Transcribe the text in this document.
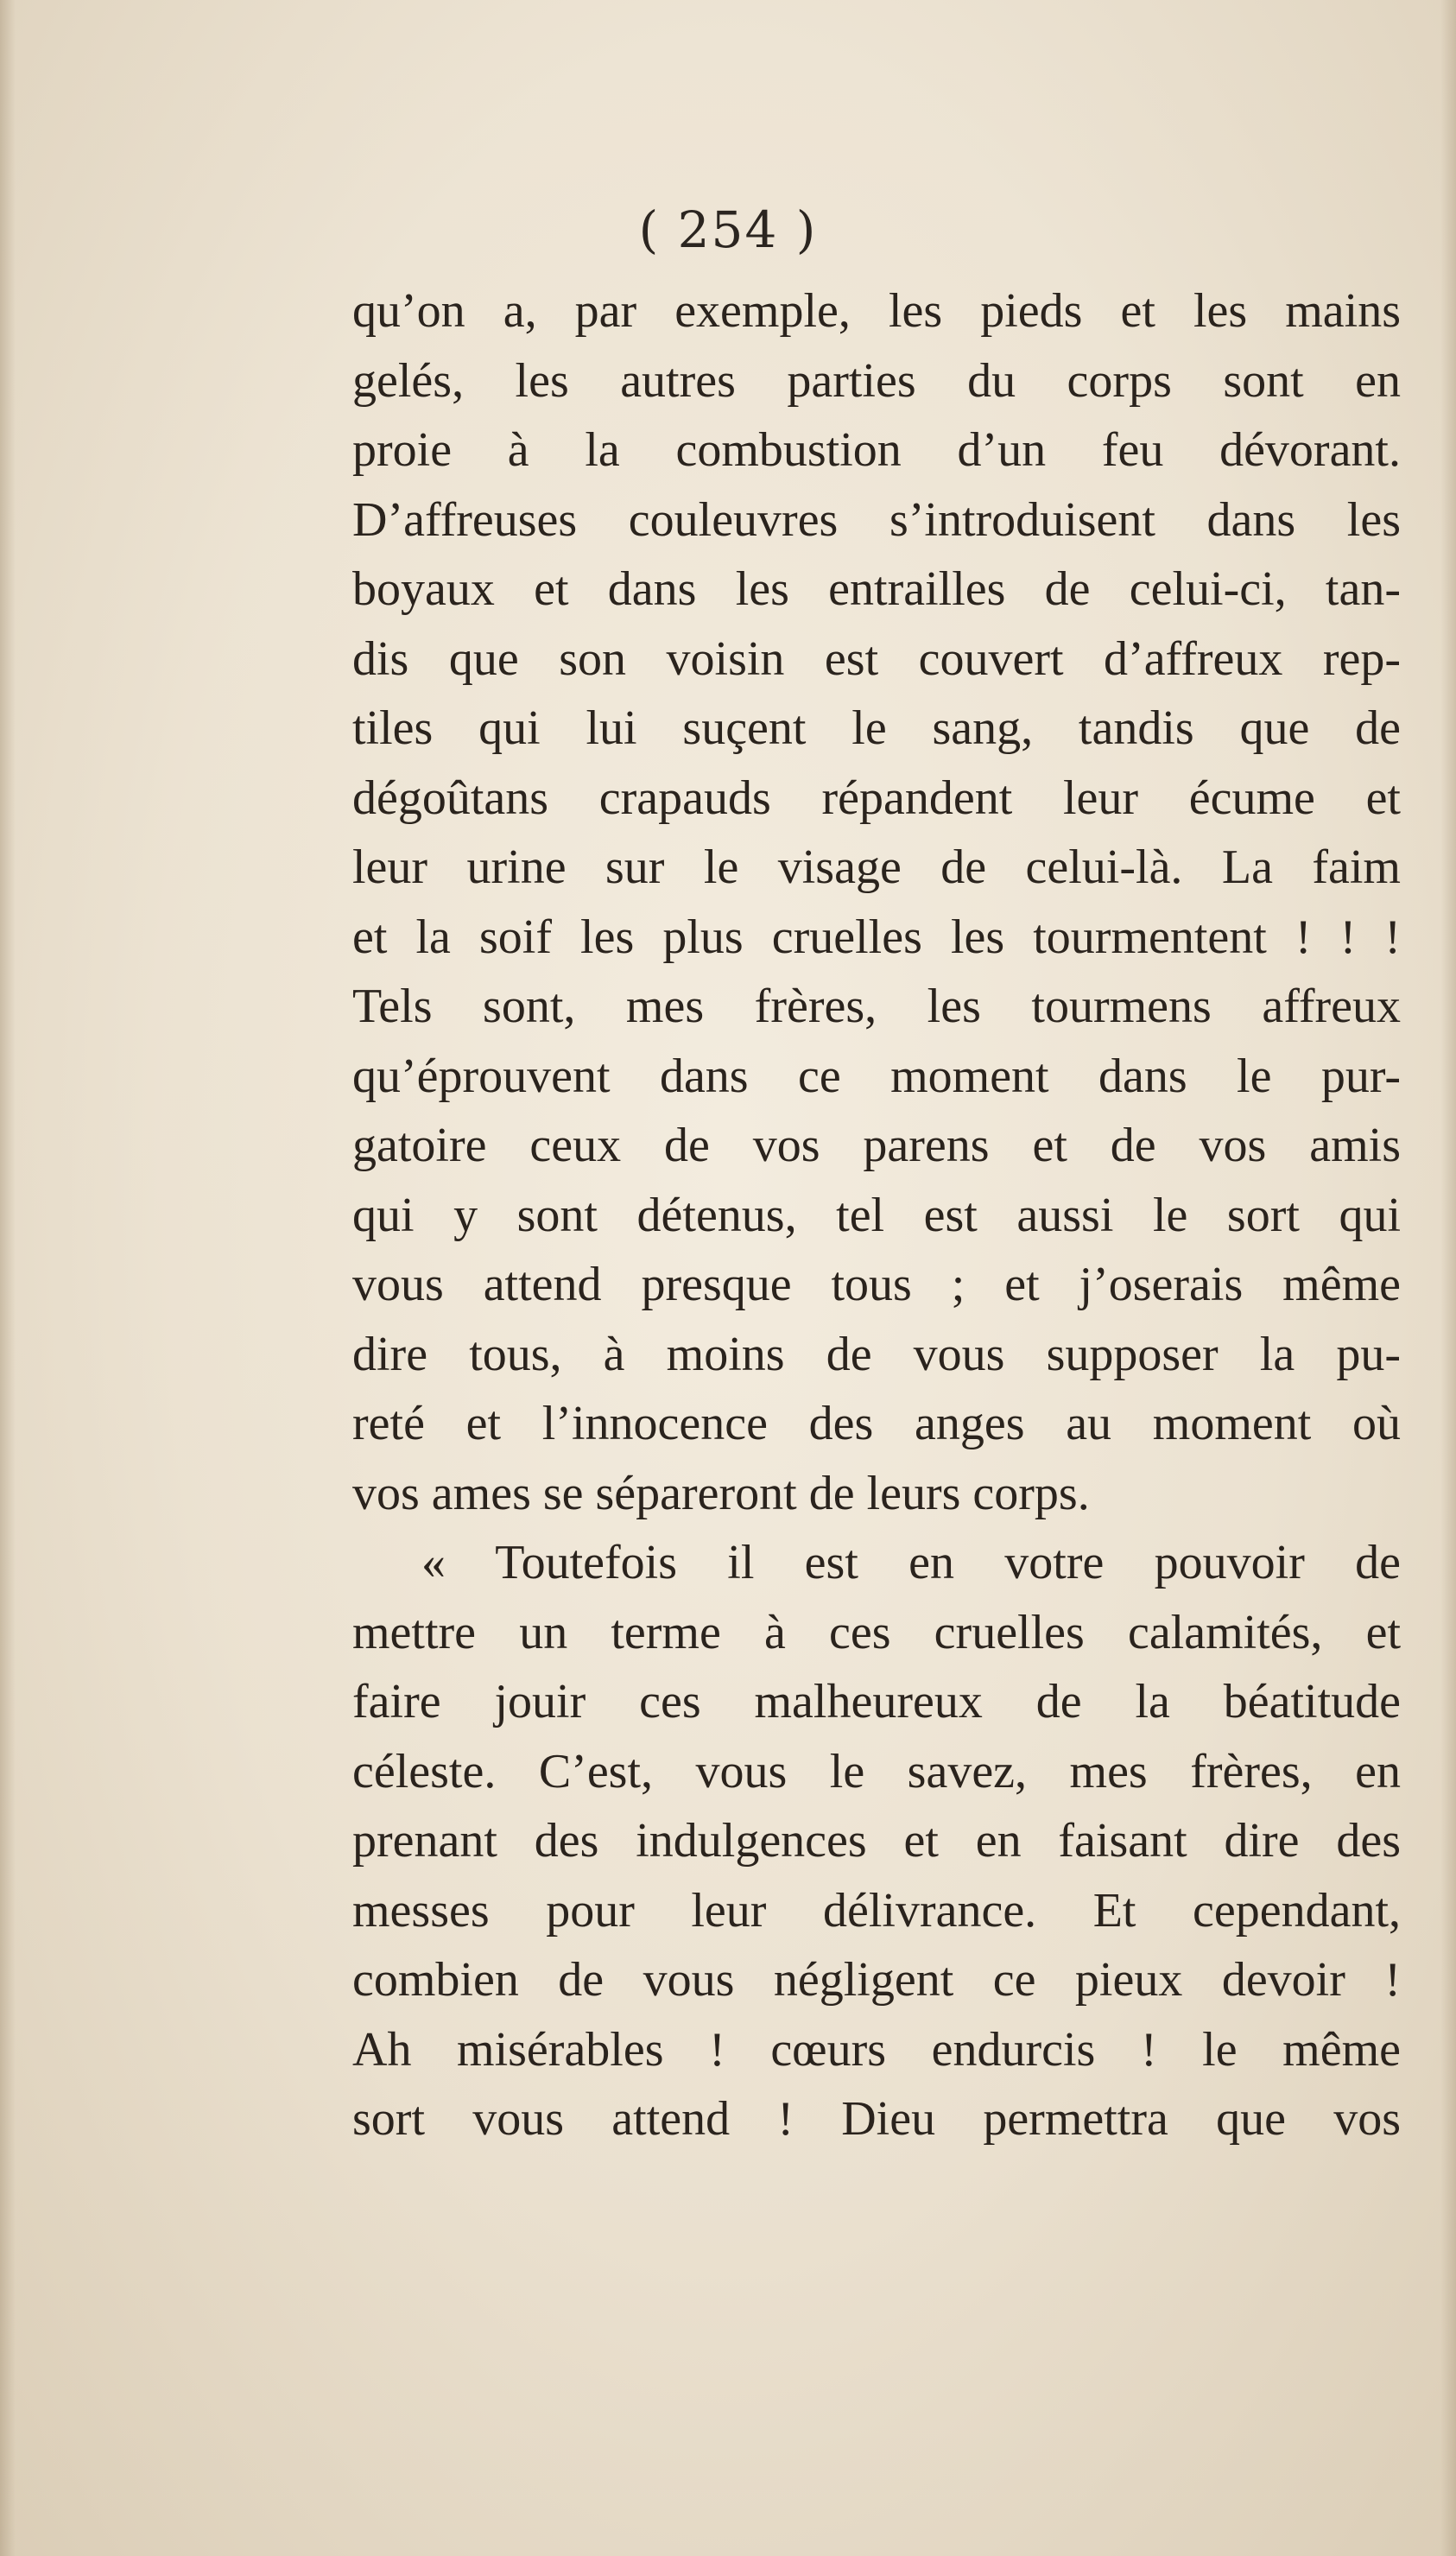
( 254 )
qu’on a, par exemple, les pieds et les mains
gelés, les autres parties du corps sont en
proie à la combustion d’un feu dévorant.
D’affreuses couleuvres s’introduisent dans les
boyaux et dans les entrailles de celui-ci, tan-
dis que son voisin est couvert d’affreux rep-
tiles qui lui suçent le sang, tandis que de
dégoûtans crapauds répandent leur écume et
leur urine sur le visage de celui-là. La faim
et la soif les plus cruelles les tourmentent ! ! !
Tels sont, mes frères, les tourmens affreux
qu’éprouvent dans ce moment dans le pur-
gatoire ceux de vos parens et de vos amis
qui y sont détenus, tel est aussi le sort qui
vous attend presque tous ; et j’oserais même
dire tous, à moins de vous supposer la pu-
reté et l’innocence des anges au moment où
vos ames se sépareront de leurs corps.
« Toutefois il est en votre pouvoir de
mettre un terme à ces cruelles calamités, et
faire jouir ces malheureux de la béatitude
céleste. C’est, vous le savez, mes frères, en
prenant des indulgences et en faisant dire des
messes pour leur délivrance. Et cependant,
combien de vous négligent ce pieux devoir !
Ah misérables ! cœurs endurcis ! le même
sort vous attend ! Dieu permettra que vos
